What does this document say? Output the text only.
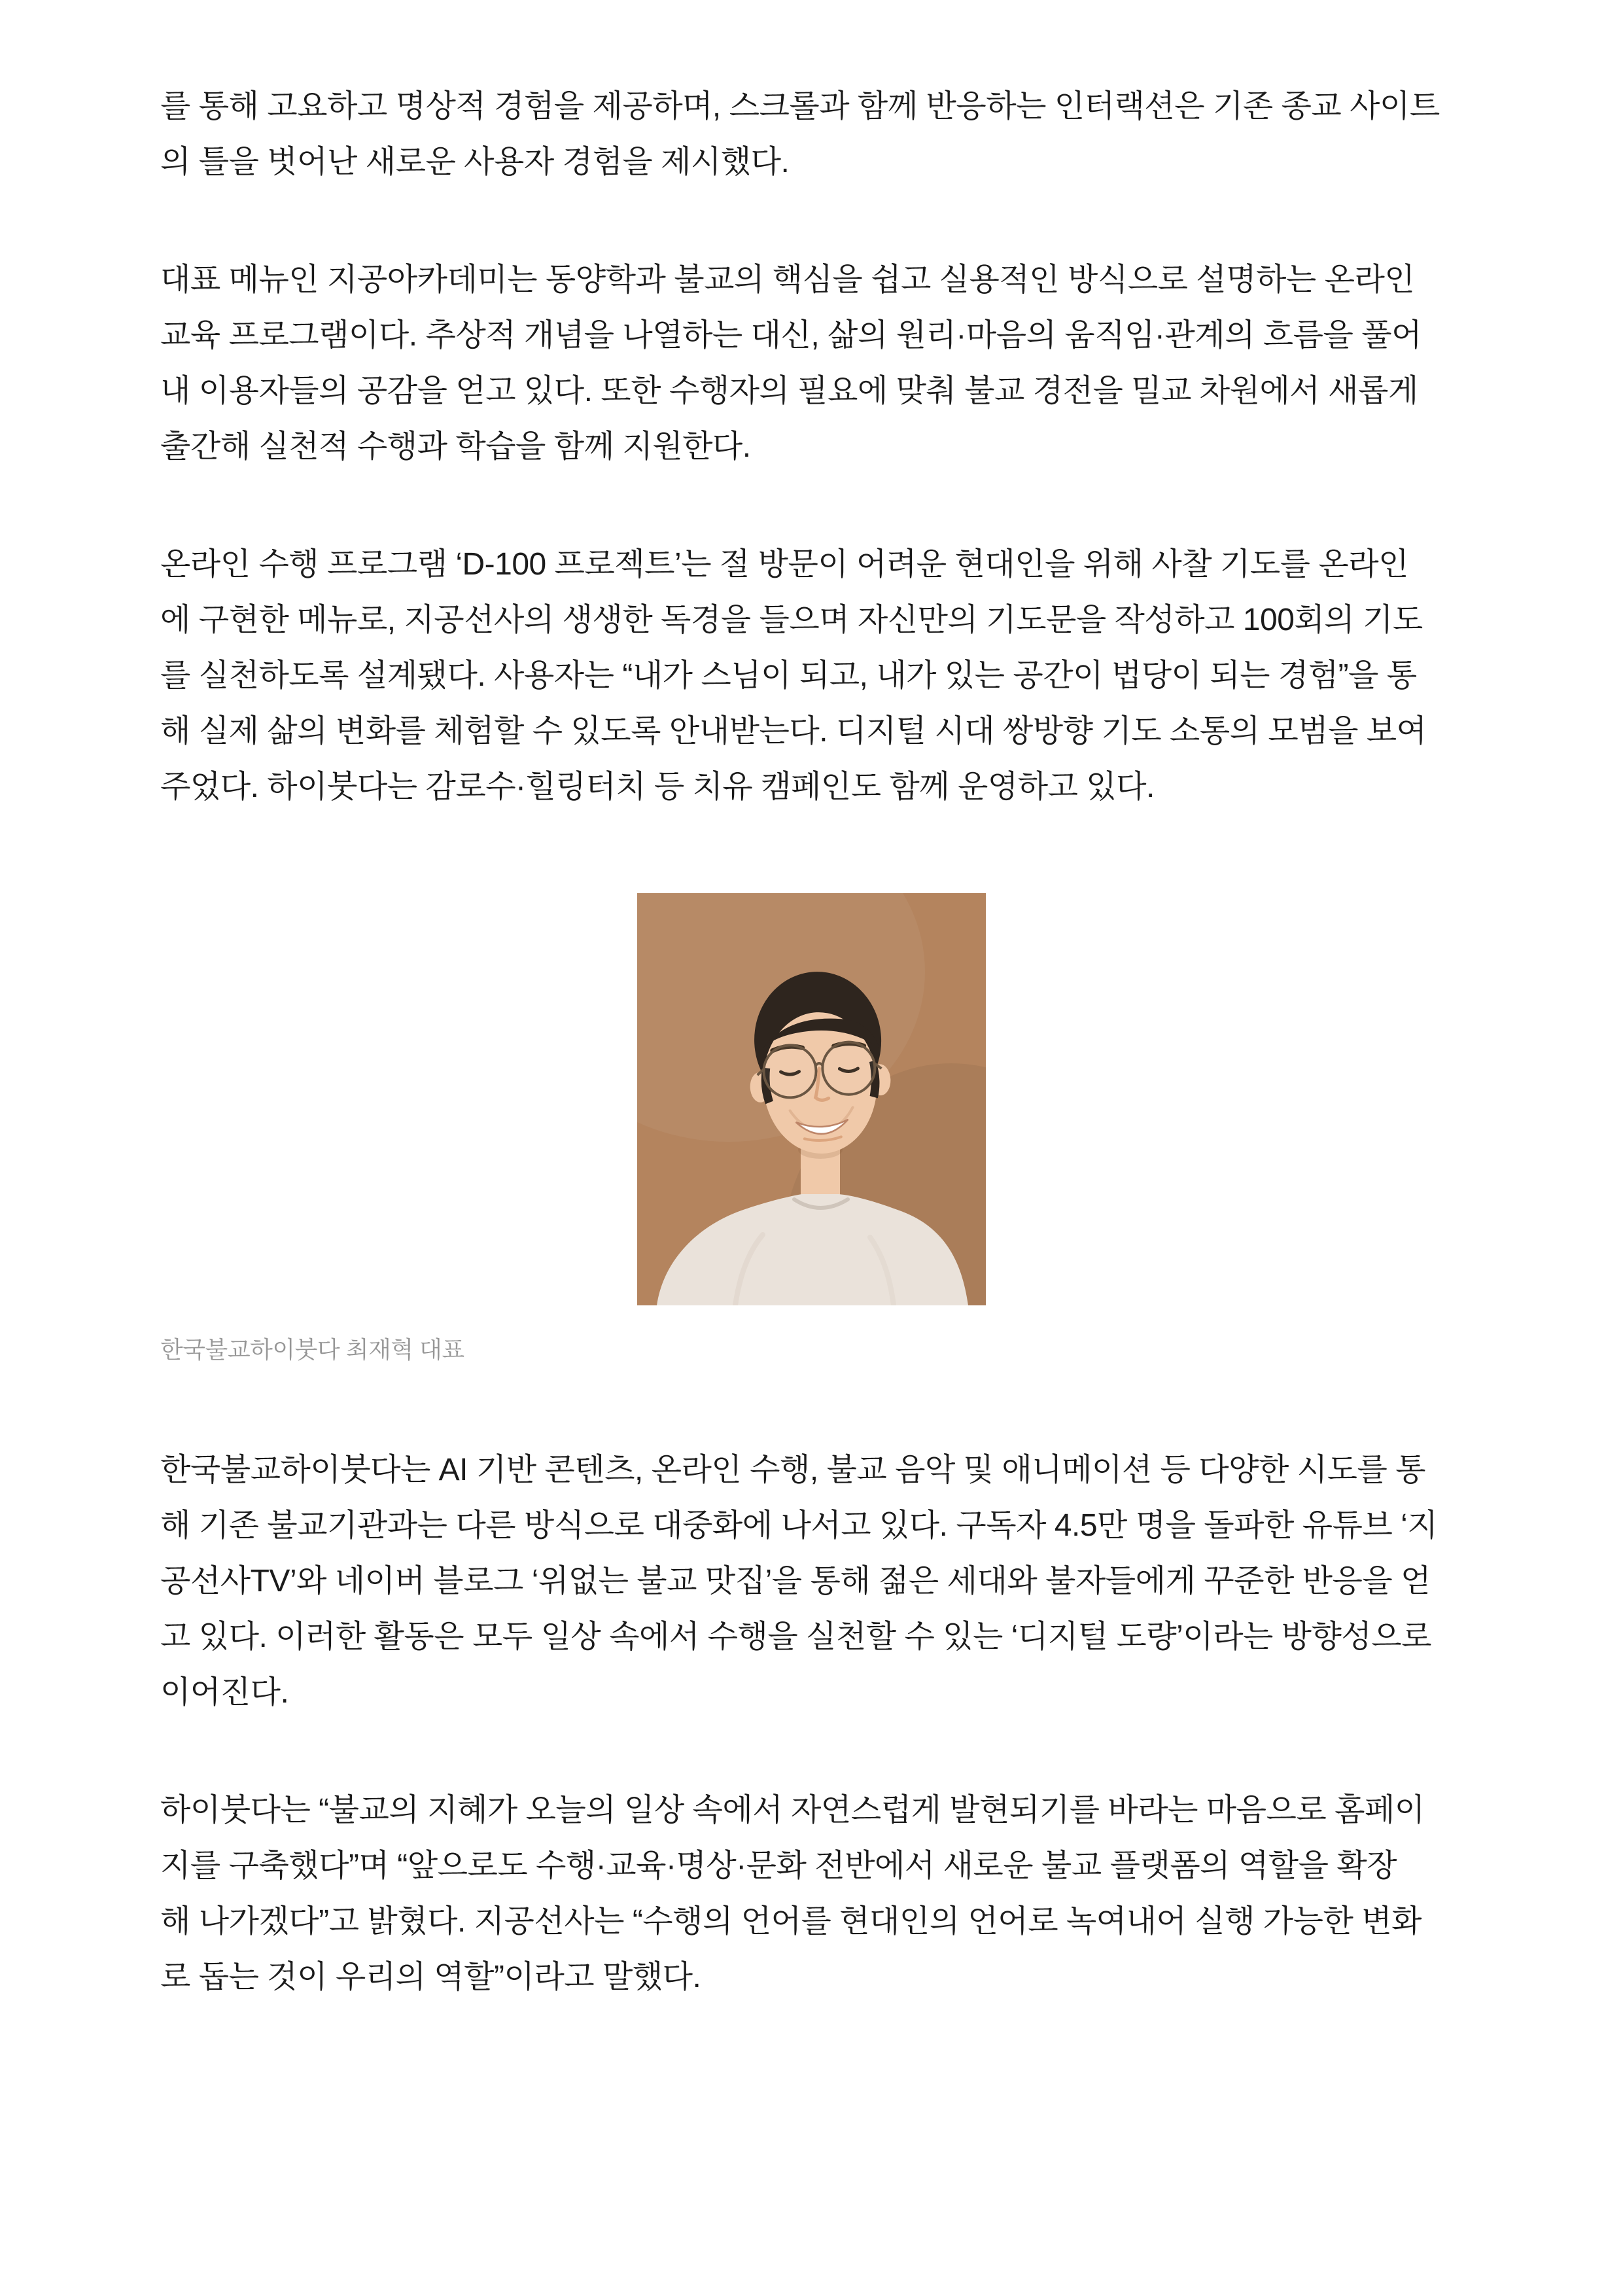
를 통해 고요하고 명상적 경험을 제공하며, 스크롤과 함께 반응하는 인터랙션은 기존 종교 사이트
의 틀을 벗어난 새로운 사용자 경험을 제시했다.

대표 메뉴인 지공아카데미는 동양학과 불교의 핵심을 쉽고 실용적인 방식으로 설명하는 온라인
교육 프로그램이다. 추상적 개념을 나열하는 대신, 삶의 원리·마음의 움직임·관계의 흐름을 풀어
내 이용자들의 공감을 얻고 있다. 또한 수행자의 필요에 맞춰 불교 경전을 밀교 차원에서 새롭게
출간해 실천적 수행과 학습을 함께 지원한다.

온라인 수행 프로그램 ‘D-100 프로젝트’는 절 방문이 어려운 현대인을 위해 사찰 기도를 온라인
에 구현한 메뉴로, 지공선사의 생생한 독경을 들으며 자신만의 기도문을 작성하고 100회의 기도
를 실천하도록 설계됐다. 사용자는 “내가 스님이 되고, 내가 있는 공간이 법당이 되는 경험”을 통
해 실제 삶의 변화를 체험할 수 있도록 안내받는다. 디지털 시대 쌍방향 기도 소통의 모범을 보여
주었다. 하이붓다는 감로수·힐링터치 등 치유 캠페인도 함께 운영하고 있다.

한국불교하이붓다 최재혁 대표

한국불교하이붓다는 AI 기반 콘텐츠, 온라인 수행, 불교 음악 및 애니메이션 등 다양한 시도를 통
해 기존 불교기관과는 다른 방식으로 대중화에 나서고 있다. 구독자 4.5만 명을 돌파한 유튜브 ‘지
공선사TV’와 네이버 블로그 ‘위없는 불교 맛집’을 통해 젊은 세대와 불자들에게 꾸준한 반응을 얻
고 있다. 이러한 활동은 모두 일상 속에서 수행을 실천할 수 있는 ‘디지털 도량’이라는 방향성으로
이어진다.

하이붓다는 “불교의 지혜가 오늘의 일상 속에서 자연스럽게 발현되기를 바라는 마음으로 홈페이
지를 구축했다”며 “앞으로도 수행·교육·명상·문화 전반에서 새로운 불교 플랫폼의 역할을 확장
해 나가겠다”고 밝혔다. 지공선사는 “수행의 언어를 현대인의 언어로 녹여내어 실행 가능한 변화
로 돕는 것이 우리의 역할”이라고 말했다.
